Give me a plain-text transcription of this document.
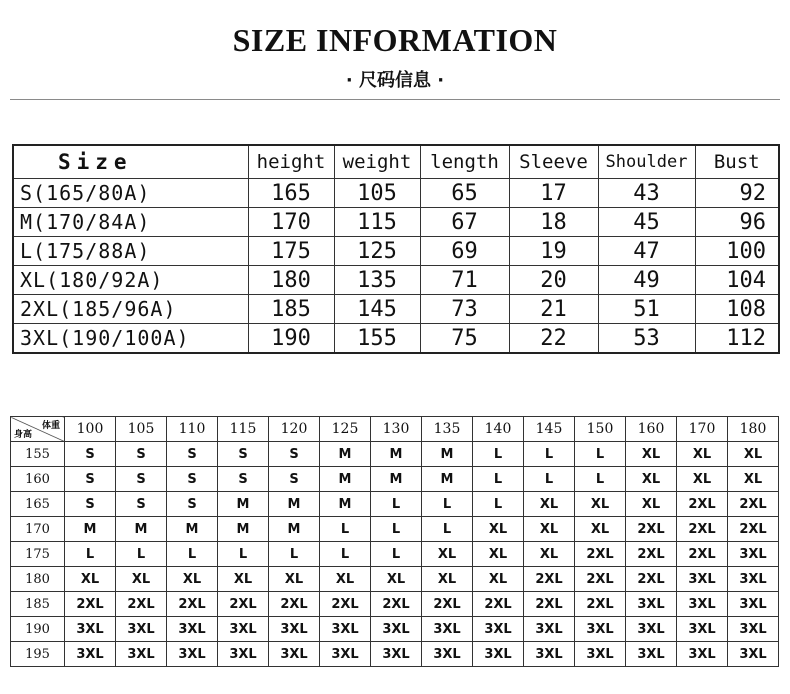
SIZE INFORMATION
· 尺码信息 ·
Size	height	weight	length	Sleeve	Shoulder	Bust
S(165/80A)	165	105	65	17	43	92
M(170/84A)	170	115	67	18	45	96
L(175/88A)	175	125	69	19	47	100
XL(180/92A)	180	135	71	20	49	104
2XL(185/96A)	185	145	73	21	51	108
3XL(190/100A)	190	155	75	22	53	112
体重
身高	100	105	110	115	120	125	130	135	140	145	150	160	170	180
155	S	S	S	S	S	M	M	M	L	L	L	XL	XL	XL
160	S	S	S	S	S	M	M	M	L	L	L	XL	XL	XL
165	S	S	S	M	M	M	L	L	L	XL	XL	XL	2XL	2XL
170	M	M	M	M	M	L	L	L	XL	XL	XL	2XL	2XL	2XL
175	L	L	L	L	L	L	L	XL	XL	XL	2XL	2XL	2XL	3XL
180	XL	XL	XL	XL	XL	XL	XL	XL	XL	2XL	2XL	2XL	3XL	3XL
185	2XL	2XL	2XL	2XL	2XL	2XL	2XL	2XL	2XL	2XL	2XL	3XL	3XL	3XL
190	3XL	3XL	3XL	3XL	3XL	3XL	3XL	3XL	3XL	3XL	3XL	3XL	3XL	3XL
195	3XL	3XL	3XL	3XL	3XL	3XL	3XL	3XL	3XL	3XL	3XL	3XL	3XL	3XL
